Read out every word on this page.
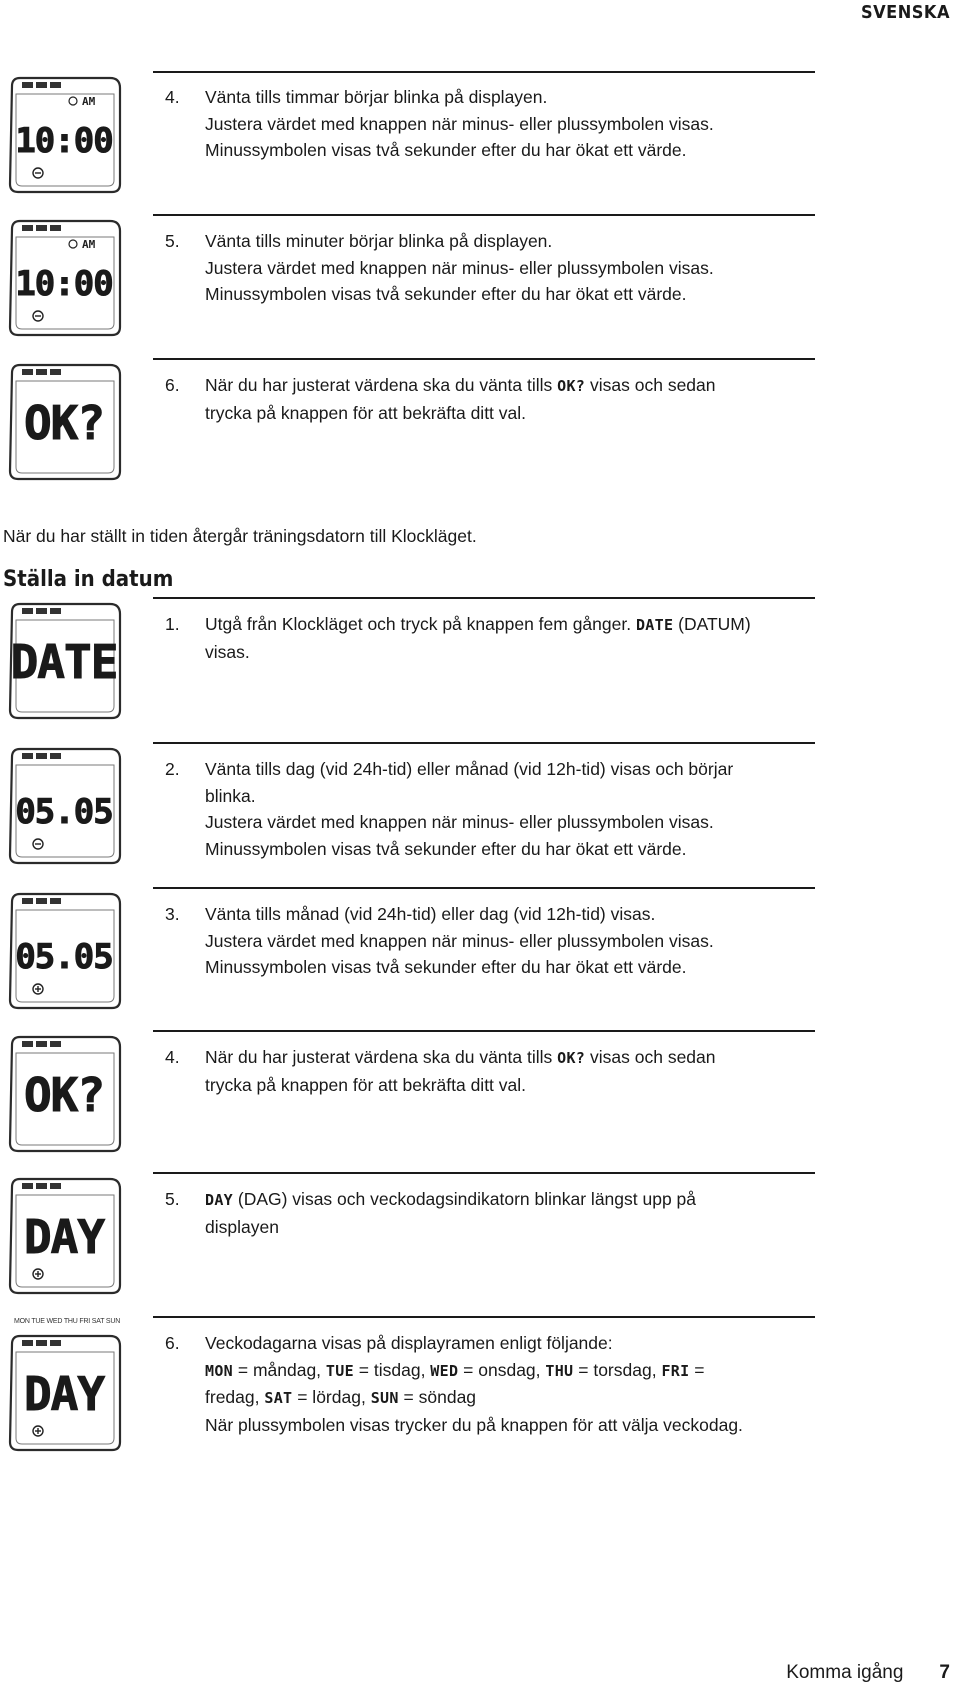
SVENSKA
4. Vänta tills timmar börjar blinka på displayen.
Justera värdet med knappen när minus- eller plussymbolen visas.
Minussymbolen visas två sekunder efter du har ökat ett värde.
5. Vänta tills minuter börjar blinka på displayen.
Justera värdet med knappen när minus- eller plussymbolen visas.
Minussymbolen visas två sekunder efter du har ökat ett värde.
6. När du har justerat värdena ska du vänta tills OK? visas och sedan
trycka på knappen för att bekräfta ditt val.
När du har ställt in tiden återgår träningsdatorn till Klockläget.
Ställa in datum
1. Utgå från Klockläget och tryck på knappen fem gånger. DATE (DATUM)
visas.
2. Vänta tills dag (vid 24h-tid) eller månad (vid 12h-tid) visas och börjar
blinka.
Justera värdet med knappen när minus- eller plussymbolen visas.
Minussymbolen visas två sekunder efter du har ökat ett värde.
3. Vänta tills månad (vid 24h-tid) eller dag (vid 12h-tid) visas.
Justera värdet med knappen när minus- eller plussymbolen visas.
Minussymbolen visas två sekunder efter du har ökat ett värde.
4. När du har justerat värdena ska du vänta tills OK? visas och sedan
trycka på knappen för att bekräfta ditt val.
5. DAY (DAG) visas och veckodagsindikatorn blinkar längst upp på
displayen
6. Veckodagarna visas på displayramen enligt följande:
MON = måndag, TUE = tisdag, WED = onsdag, THU = torsdag, FRI =
fredag, SAT = lördag, SUN = söndag
När plussymbolen visas trycker du på knappen för att välja veckodag.
MON TUE WED THU FRI SAT SUN
AM
10:00
AM
10:00
OK?
DATE
05.05
05.05
OK?
DAY
DAY
Komma igång 7
